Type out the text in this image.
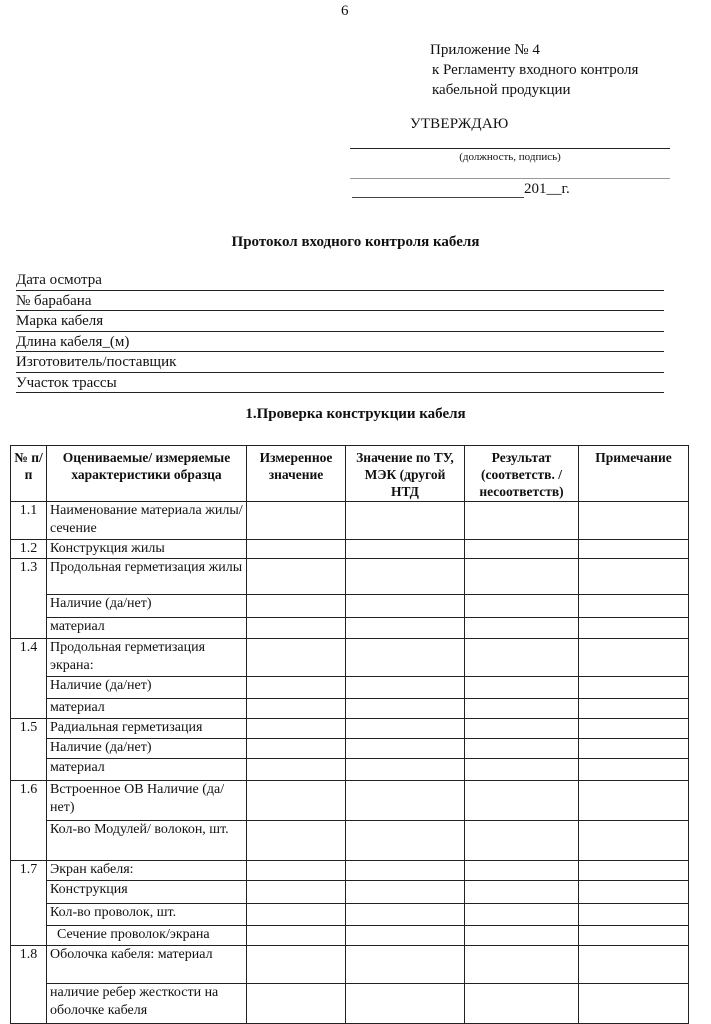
6
Приложение № 4
к Регламенту входного контроля
кабельной продукции
УТВЕРЖДАЮ
(должность, подпись)
201__г.
Протокол входного контроля кабеля
Дата осмотра
№ барабана
Марка кабеля
Длина кабеля_(м)
Изготовитель/поставщик
Участок трассы
1.Проверка конструкции кабеля
№ п/п	Оцениваемые/ измеряемые характеристики образца	Измеренное значение	Значение по ТУ, МЭК (другой НТД	Результат (соответств. /несоответств)	Примечание
1.1	Наименование материала жилы/сечение				
1.2	Конструкция жилы				
1.3	Продольная герметизация жилы				
	Наличие (да/нет)				
	материал				
1.4	Продольная герметизация экрана:				
	Наличие (да/нет)				
	материал				
1.5	Радиальная герметизация				
	Наличие (да/нет)				
	материал				
1.6	Встроенное ОВ Наличие (да/нет)				
	Кол-во Модулей/ волокон, шт.				
1.7	Экран кабеля:				
	Конструкция				
	Кол-во проволок, шт.				
	Сечение проволок/экрана				
1.8	Оболочка кабеля: материал				
	наличие ребер жесткости на оболочке кабеля				
